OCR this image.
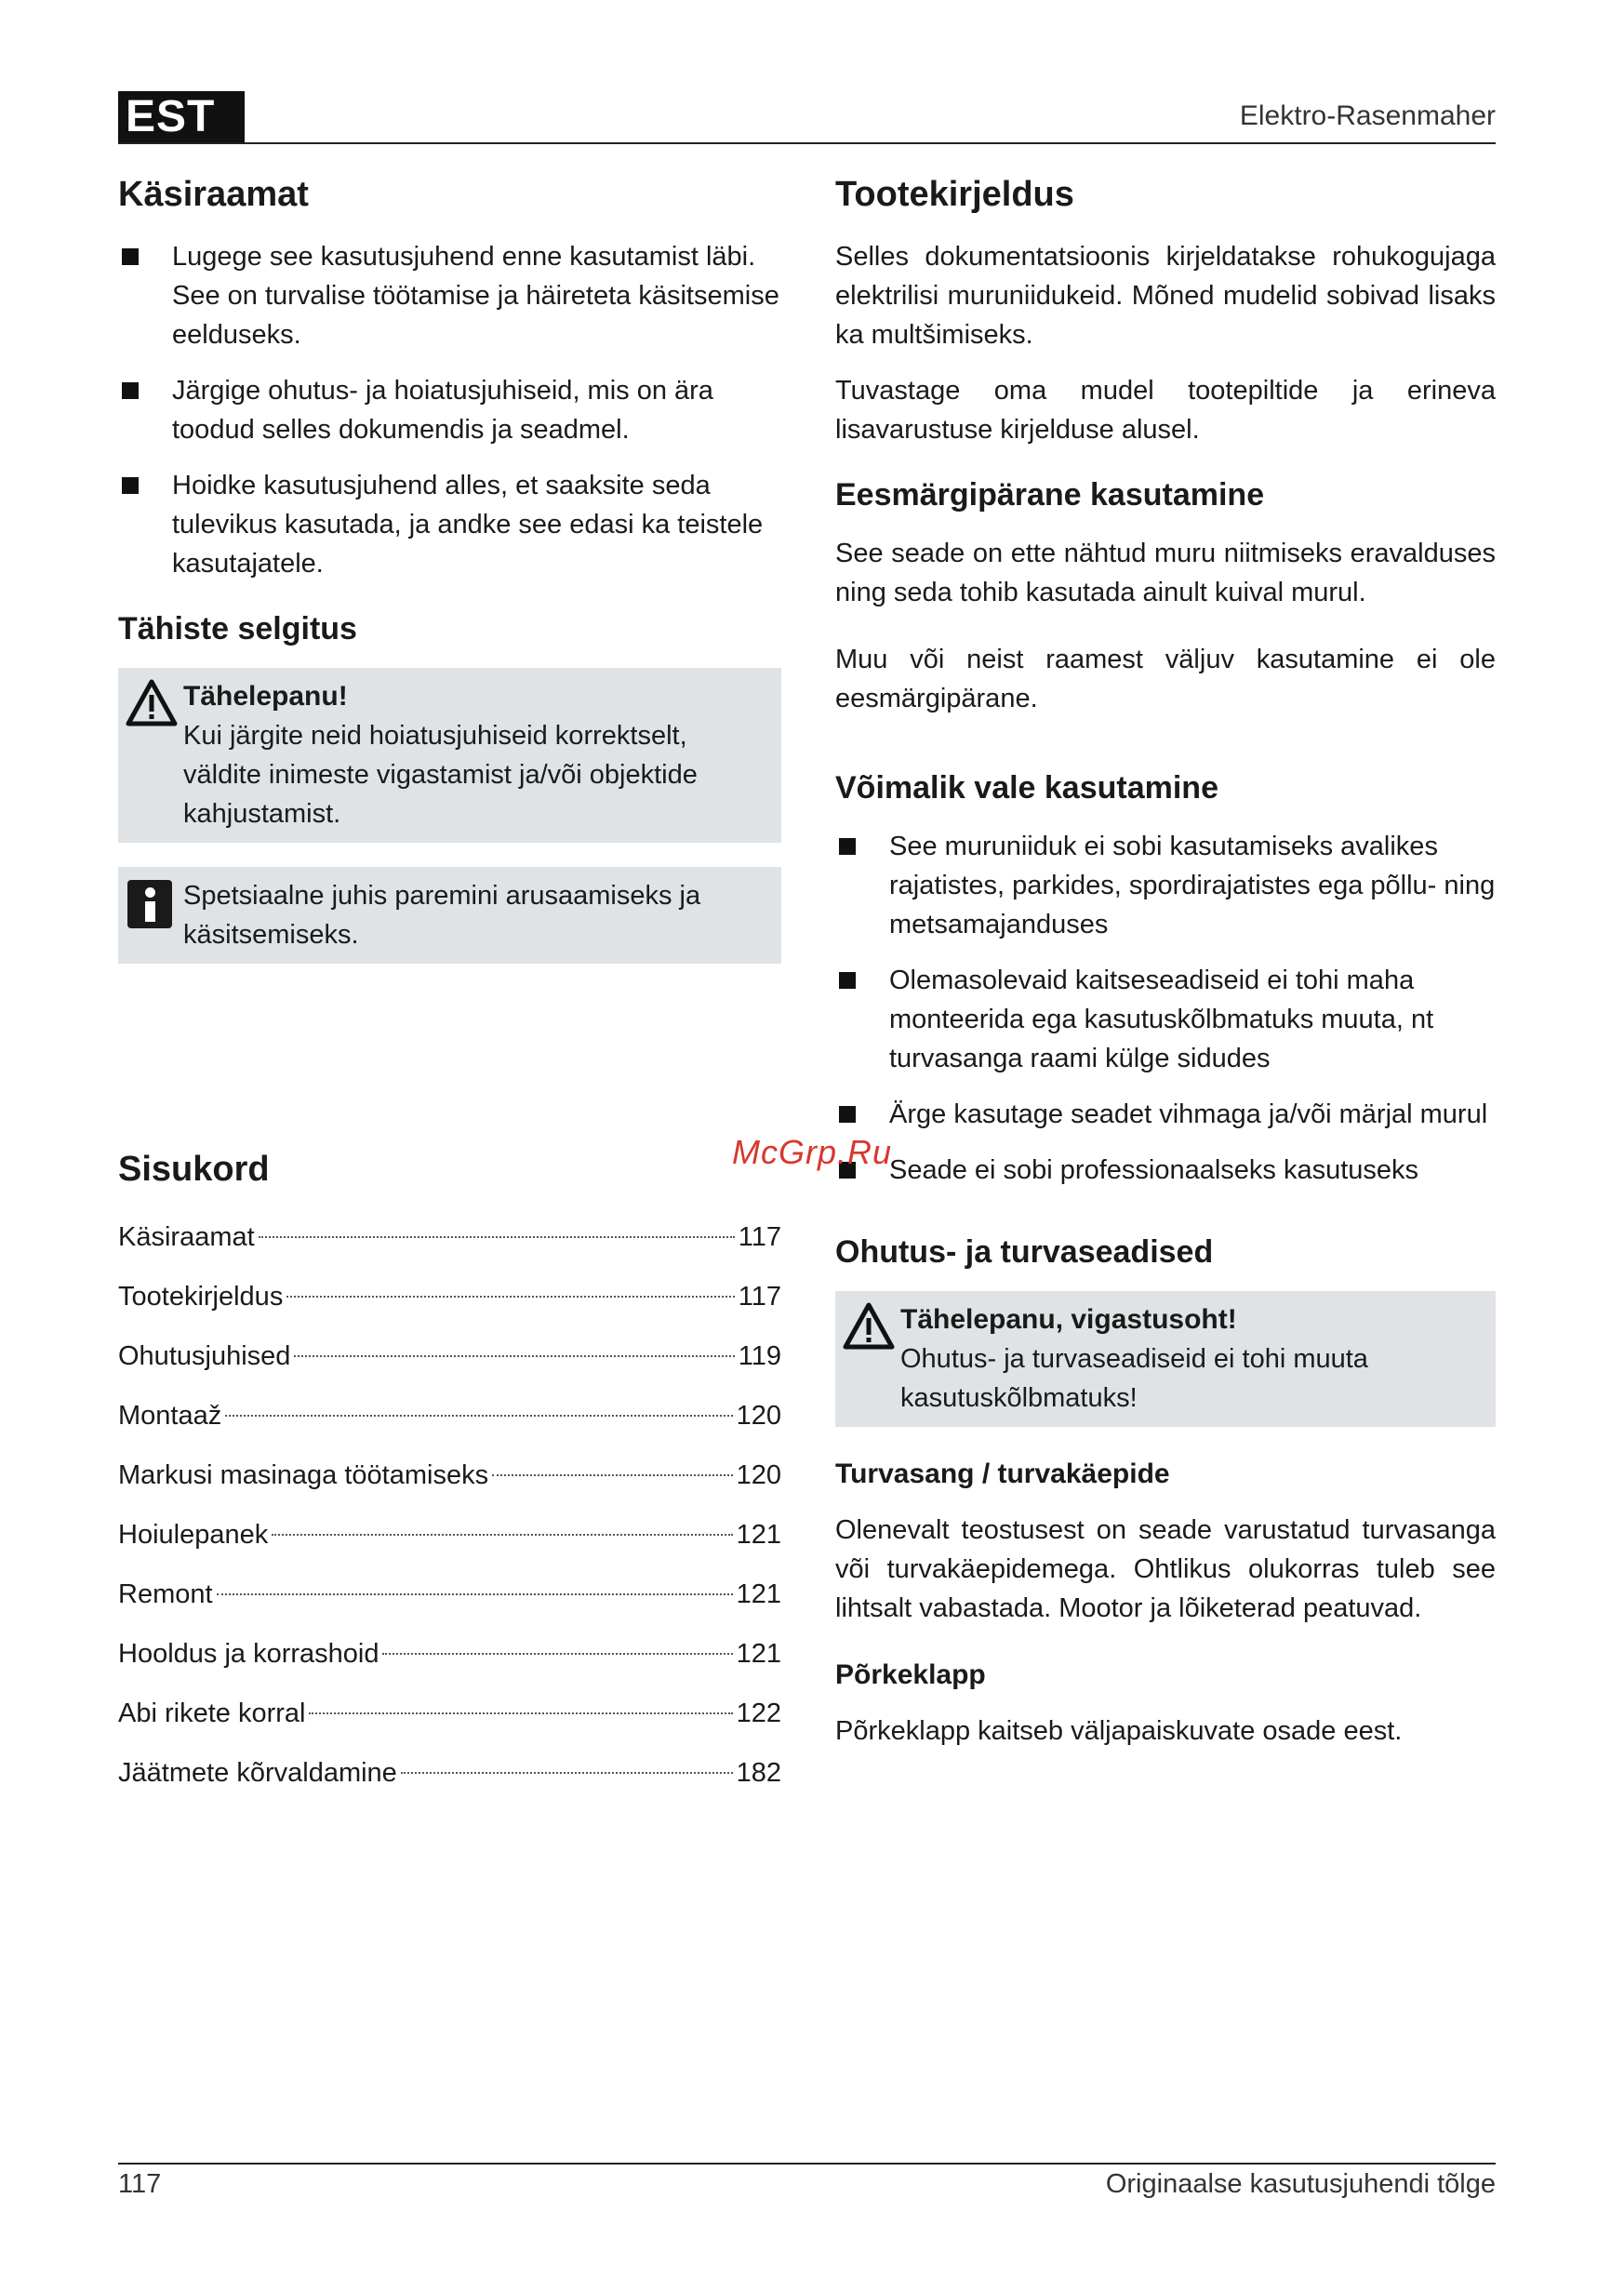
EST	Elektro-Rasenmaher
Käsiraamat
Lugege see kasutusjuhend enne kasutamist läbi. See on turvalise töötamise ja häireteta käsitsemise eelduseks.
Järgige ohutus- ja hoiatusjuhiseid, mis on ära toodud selles dokumendis ja seadmel.
Hoidke kasutusjuhend alles, et saaksite seda tulevikus kasutada, ja andke see edasi ka teistele kasutajatele.
Tähiste selgitus
Tähelepanu!
Kui järgite neid hoiatusjuhiseid korrektselt, väldite inimeste vigastamist ja/või objektide kahjustamist.
Spetsiaalne juhis paremini arusaamiseks ja käsitsemiseks.
Sisukord
Käsiraamat	117
Tootekirjeldus	117
Ohutusjuhised	119
Montaaž	120
Markusi masinaga töötamiseks	120
Hoiulepanek	121
Remont	121
Hooldus ja korrashoid	121
Abi rikete korral	122
Jäätmete kõrvaldamine	182
Tootekirjeldus

Selles dokumentatsioonis kirjeldatakse rohukogujaga elektrilisi muruniidukeid. Mõned mudelid sobivad lisaks ka multšimiseks.

Tuvastage oma mudel tootepiltide ja erineva lisavarustuse kirjelduse alusel.

Eesmärgipärane kasutamine

See seade on ette nähtud muru niitmiseks eravalduses ning seda tohib kasutada ainult kuival murul.

Muu või neist raamest väljuv kasutamine ei ole eesmärgipärane.

Võimalik vale kasutamine
See muruniiduk ei sobi kasutamiseks avalikes rajatistes, parkides, spordirajatistes ega põllu- ning metsamajanduses
Olemasolevaid kaitseseadiseid ei tohi maha monteerida ega kasutuskõlbmatuks muuta, nt turvasanga raami külge sidudes
Ärge kasutage seadet vihmaga ja/või märjal murul
Seade ei sobi professionaalseks kasutuseks
Ohutus- ja turvaseadised
Tähelepanu, vigastusoht!
Ohutus- ja turvaseadiseid ei tohi muuta kasutuskõlbmatuks!
Turvasang / turvakäepide

Olenevalt teostusest on seade varustatud turvasanga või turvakäepidemega. Ohtlikus olukorras tuleb see lihtsalt vabastada. Mootor ja lõiketerad peatuvad.

Põrkeklapp

Põrkeklapp kaitseb väljapaiskuvate osade eest.

McGrp.Ru
117	Originaalse kasutusjuhendi tõlge
